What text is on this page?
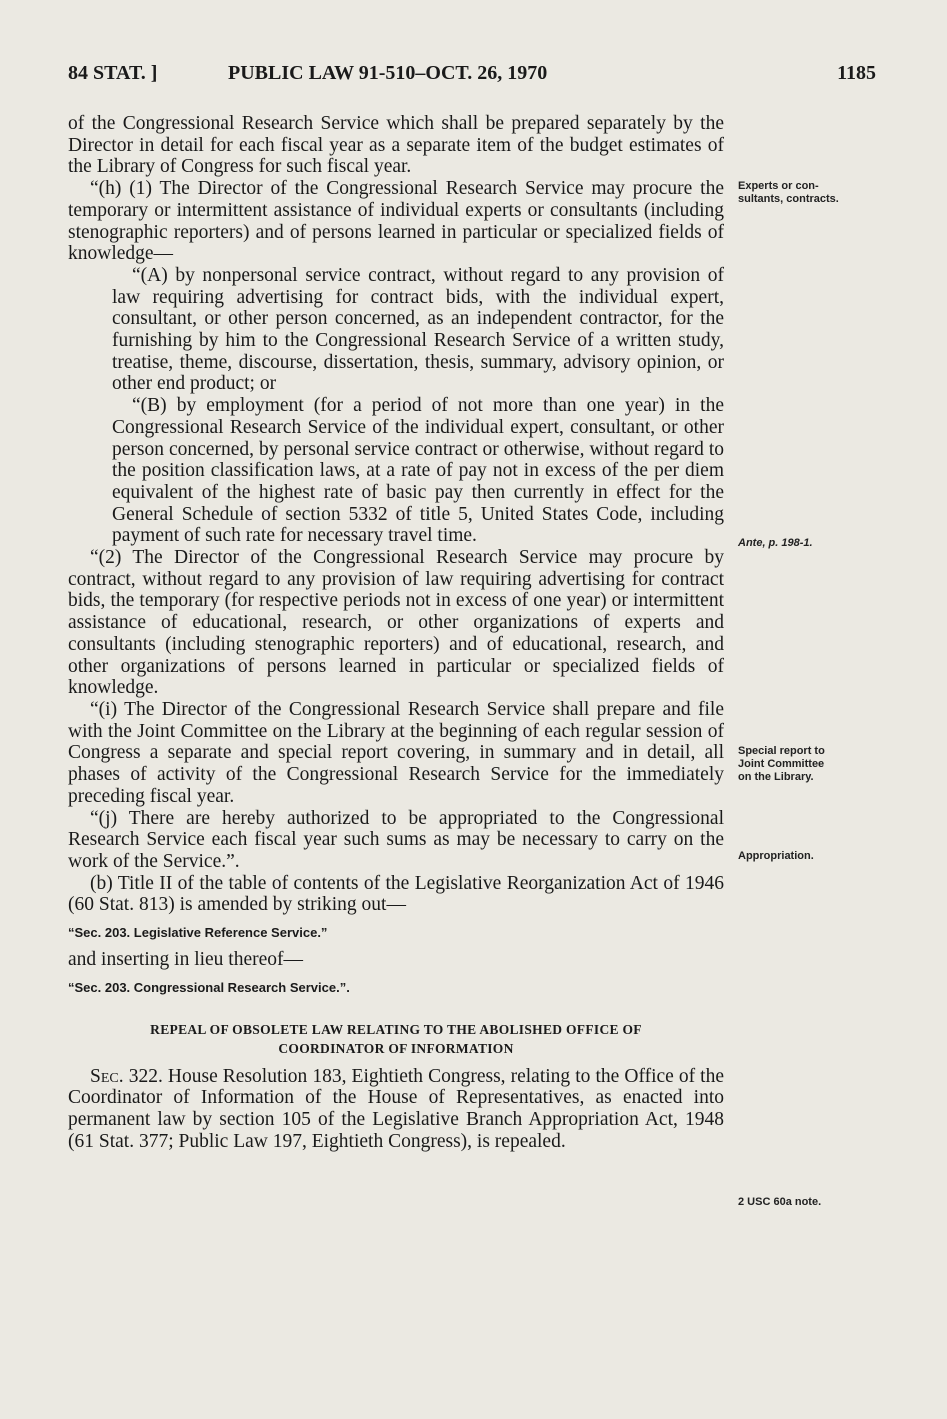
84 STAT. ]	PUBLIC LAW 91-510–OCT. 26, 1970	1185

of the Congressional Research Service which shall be prepared separately by the Director in detail for each fiscal year as a separate item of the budget estimates of the Library of Congress for such fiscal year.

“(h) (1) The Director of the Congressional Research Service may procure the temporary or intermittent assistance of individual experts or consultants (including stenographic reporters) and of persons learned in particular or specialized fields of knowledge—

“(A) by nonpersonal service contract, without regard to any provision of law requiring advertising for contract bids, with the individual expert, consultant, or other person concerned, as an independent contractor, for the furnishing by him to the Congressional Research Service of a written study, treatise, theme, discourse, dissertation, thesis, summary, advisory opinion, or other end product; or

“(B) by employment (for a period of not more than one year) in the Congressional Research Service of the individual expert, consultant, or other person concerned, by personal service contract or otherwise, without regard to the position classification laws, at a rate of pay not in excess of the per diem equivalent of the highest rate of basic pay then currently in effect for the General Schedule of section 5332 of title 5, United States Code, including payment of such rate for necessary travel time.

“(2) The Director of the Congressional Research Service may procure by contract, without regard to any provision of law requiring advertising for contract bids, the temporary (for respective periods not in excess of one year) or intermittent assistance of educational, research, or other organizations of experts and consultants (including stenographic reporters) and of educational, research, and other organizations of persons learned in particular or specialized fields of knowledge.

“(i) The Director of the Congressional Research Service shall prepare and file with the Joint Committee on the Library at the beginning of each regular session of Congress a separate and special report covering, in summary and in detail, all phases of activity of the Congressional Research Service for the immediately preceding fiscal year.

“(j) There are hereby authorized to be appropriated to the Congressional Research Service each fiscal year such sums as may be necessary to carry on the work of the Service.”.

(b) Title II of the table of contents of the Legislative Reorganization Act of 1946 (60 Stat. 813) is amended by striking out—

“Sec. 203. Legislative Reference Service.”

and inserting in lieu thereof—

“Sec. 203. Congressional Research Service.”.

REPEAL OF OBSOLETE LAW RELATING TO THE ABOLISHED OFFICE OF
COORDINATOR OF INFORMATION

Sec. 322. House Resolution 183, Eightieth Congress, relating to the Office of the Coordinator of Information of the House of Representatives, as enacted into permanent law by section 105 of the Legislative Branch Appropriation Act, 1948 (61 Stat. 377; Public Law 197, Eightieth Congress), is repealed.

Experts or con-
sultants, contracts.
Ante, p. 198-1.
Special report to
Joint Committee
on the Library.
Appropriation.
2 USC 60a note.
